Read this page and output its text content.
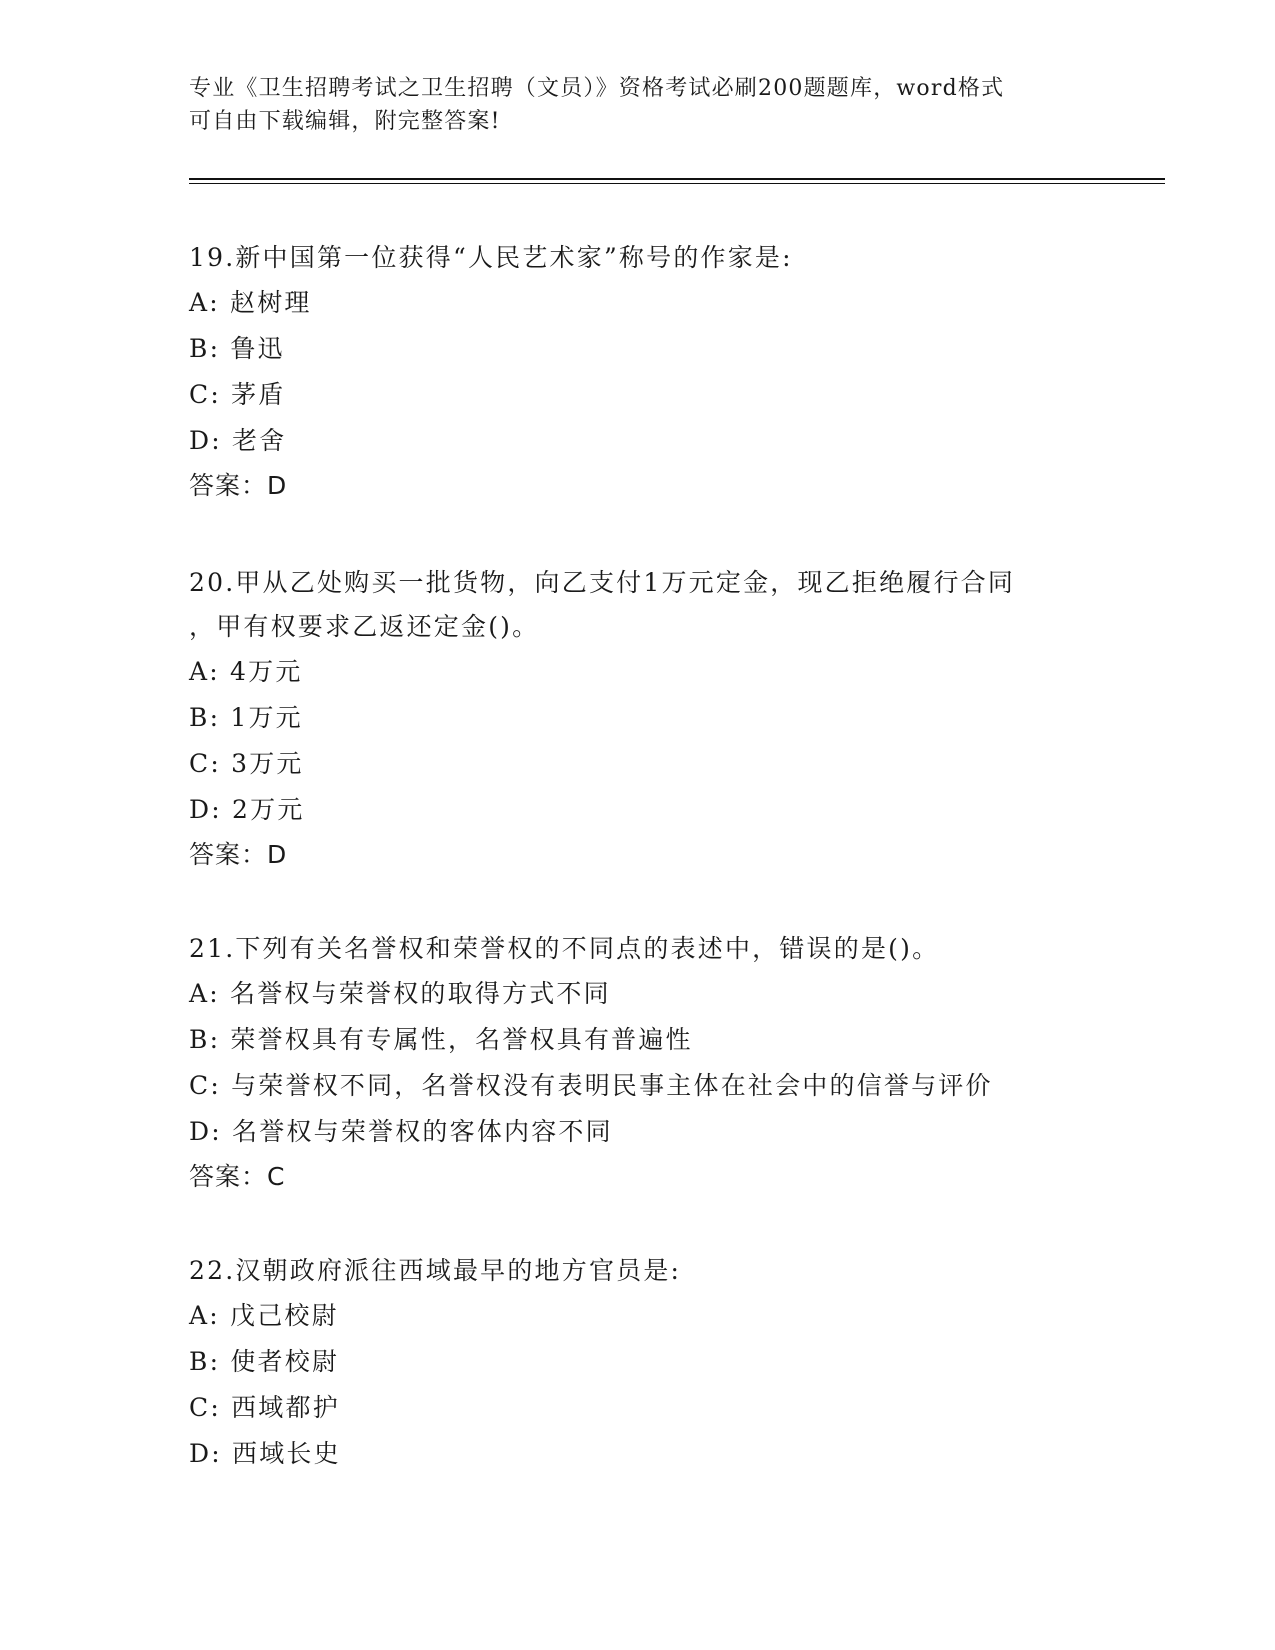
专业《卫生招聘考试之卫生招聘（文员）》资格考试必刷200题题库，word格式
可自由下载编辑，附完整答案!

19.新中国第一位获得“人民艺术家”称号的作家是:

A: 赵树理

B: 鲁迅

C: 茅盾

D: 老舍

答案：D

20.甲从乙处购买一批货物，向乙支付1万元定金，现乙拒绝履行合同

，甲有权要求乙返还定金()。

A: 4万元

B: 1万元

C: 3万元

D: 2万元

答案：D

21.下列有关名誉权和荣誉权的不同点的表述中，错误的是()。

A: 名誉权与荣誉权的取得方式不同

B: 荣誉权具有专属性，名誉权具有普遍性

C: 与荣誉权不同，名誉权没有表明民事主体在社会中的信誉与评价

D: 名誉权与荣誉权的客体内容不同

答案：C

22.汉朝政府派往西域最早的地方官员是:

A: 戊己校尉

B: 使者校尉

C: 西域都护

D: 西域长史
